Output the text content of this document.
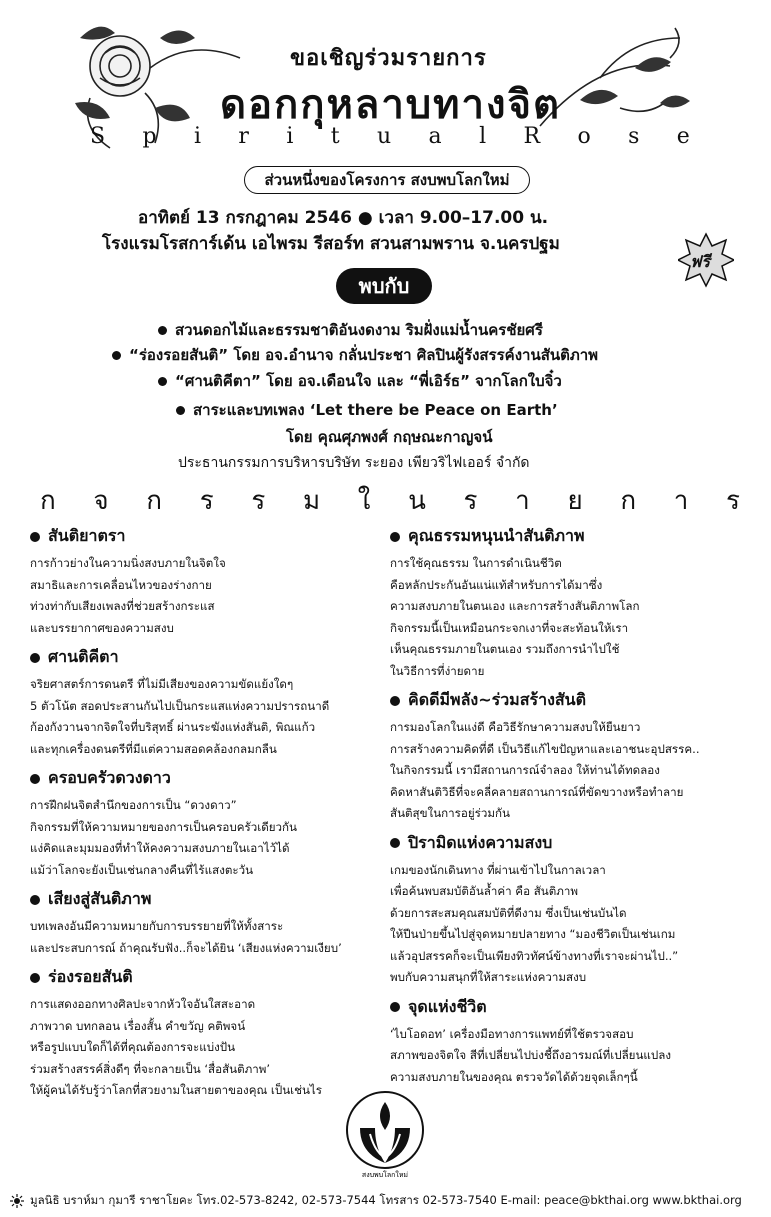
ขอเชิญร่วมรายการ
ดอกกุหลาบทางจิต
S p i r i t u a l R o s e
ส่วนหนึ่งของโครงการ สงบพบโลกใหม่
อาทิตย์ 13 กรกฎาคม 2546 ● เวลา 9.00–17.00 น.
โรงแรมโรสการ์เด้น เอไพรม รีสอร์ท สวนสามพราน จ.นครปฐม
ฟรี
พบกับ
สวนดอกไม้และธรรมชาติอันงดงาม ริมฝั่งแม่น้ำนครชัยศรี
“ร่องรอยสันติ” โดย อจ.อำนาจ กลั่นประชา ศิลปินผู้รังสรรค์งานสันติภาพ
“ศานติคีตา” โดย อจ.เดือนใจ และ “พี่เอิร์ธ” จากโลกใบจิ๋ว
สาระและบทเพลง ‘Let there be Peace on Earth’
โดย คุณศุภพงศ์ กฤษณะกาญจน์
ประธานกรรมการบริหารบริษัท ระยอง เพียวริไฟเออร์ จำกัด
ก จ ก ร ร ม ใ น ร า ย ก า ร
สันติยาตรา
การก้าวย่างในความนิ่งสงบภายในจิตใจ
สมาธิและการเคลื่อนไหวของร่างกาย
ท่วงท่ากับเสียงเพลงที่ช่วยสร้างกระแส
และบรรยากาศของความสงบ
ศานติคีตา
จริยศาสตร์การดนตรี ที่ไม่มีเสียงของความขัดแย้งใดๆ
5 ตัวโน้ต สอดประสานกันไปเป็นกระแสแห่งความปรารถนาดี
ก้องกังวานจากจิตใจที่บริสุทธิ์ ผ่านระฆังแห่งสันติ, พิณแก้ว
และทุกเครื่องดนตรีที่มีแต่ความสอดคล้องกลมกลืน
ครอบครัวดวงดาว
การฝึกฝนจิตสำนึกของการเป็น “ดวงดาว”
กิจกรรมที่ให้ความหมายของการเป็นครอบครัวเดียวกัน
แง่คิดและมุมมองที่ทำให้คงความสงบภายในเอาไว้ได้
แม้ว่าโลกจะยังเป็นเช่นกลางคืนที่ไร้แสงตะวัน
เสียงสู่สันติภาพ
บทเพลงอันมีความหมายกับการบรรยายที่ให้ทั้งสาระ
และประสบการณ์ ถ้าคุณรับฟัง..ก็จะได้ยิน ‘เสียงแห่งความเงียบ’
ร่องรอยสันติ
การแสดงออกทางศิลปะจากหัวใจอันใสสะอาด
ภาพวาด บทกลอน เรื่องสั้น คำขวัญ คติพจน์
หรือรูปแบบใดก็ได้ที่คุณต้องการจะแบ่งปัน
ร่วมสร้างสรรค์สิ่งดีๆ ที่จะกลายเป็น ‘สื่อสันติภาพ’
ให้ผู้คนได้รับรู้ว่าโลกที่สวยงามในสายตาของคุณ เป็นเช่นไร
คุณธรรมหนุนนำสันติภาพ
การใช้คุณธรรม ในการดำเนินชีวิต
คือหลักประกันอันแน่แท้สำหรับการได้มาซึ่ง
ความสงบภายในตนเอง และการสร้างสันติภาพโลก
กิจกรรมนี้เป็นเหมือนกระจกเงาที่จะสะท้อนให้เรา
เห็นคุณธรรมภายในตนเอง รวมถึงการนำไปใช้
ในวิธีการที่ง่ายดาย
คิดดีมีพลัง~ร่วมสร้างสันติ
การมองโลกในแง่ดี คือวิธีรักษาความสงบให้ยืนยาว
การสร้างความคิดที่ดี เป็นวิธีแก้ไขปัญหาและเอาชนะอุปสรรค..
ในกิจกรรมนี้ เรามีสถานการณ์จำลอง ให้ท่านได้ทดลอง
คิดหาสันติวิธีที่จะคลี่คลายสถานการณ์ที่ขัดขวางหรือทำลาย
สันติสุขในการอยู่ร่วมกัน
ปิรามิดแห่งความสงบ
เกมของนักเดินทาง ที่ผ่านเข้าไปในกาลเวลา
เพื่อค้นพบสมบัติอันล้ำค่า คือ สันติภาพ
ด้วยการสะสมคุณสมบัติที่ดีงาม ซึ่งเป็นเช่นบันได
ให้ปีนป่ายขึ้นไปสู่จุดหมายปลายทาง “มองชีวิตเป็นเช่นเกม
แล้วอุปสรรคก็จะเป็นเพียงทิวทัศน์ข้างทางที่เราจะผ่านไป..”
พบกับความสนุกที่ให้สาระแห่งความสงบ
จุดแห่งชีวิต
‘ไบโอดอท’ เครื่องมือทางการแพทย์ที่ใช้ตรวจสอบ
สภาพของจิตใจ สีที่เปลี่ยนไปบ่งชี้ถึงอารมณ์ที่เปลี่ยนแปลง
ความสงบภายในของคุณ ตรวจวัดได้ด้วยจุดเล็กๆนี้
สงบพบโลกใหม่
มูลนิธิ บราห์มา กุมารี ราชาโยคะ โทร.02-573-8242, 02-573-7544 โทรสาร 02-573-7540 E-mail: peace@bkthai.org www.bkthai.org
